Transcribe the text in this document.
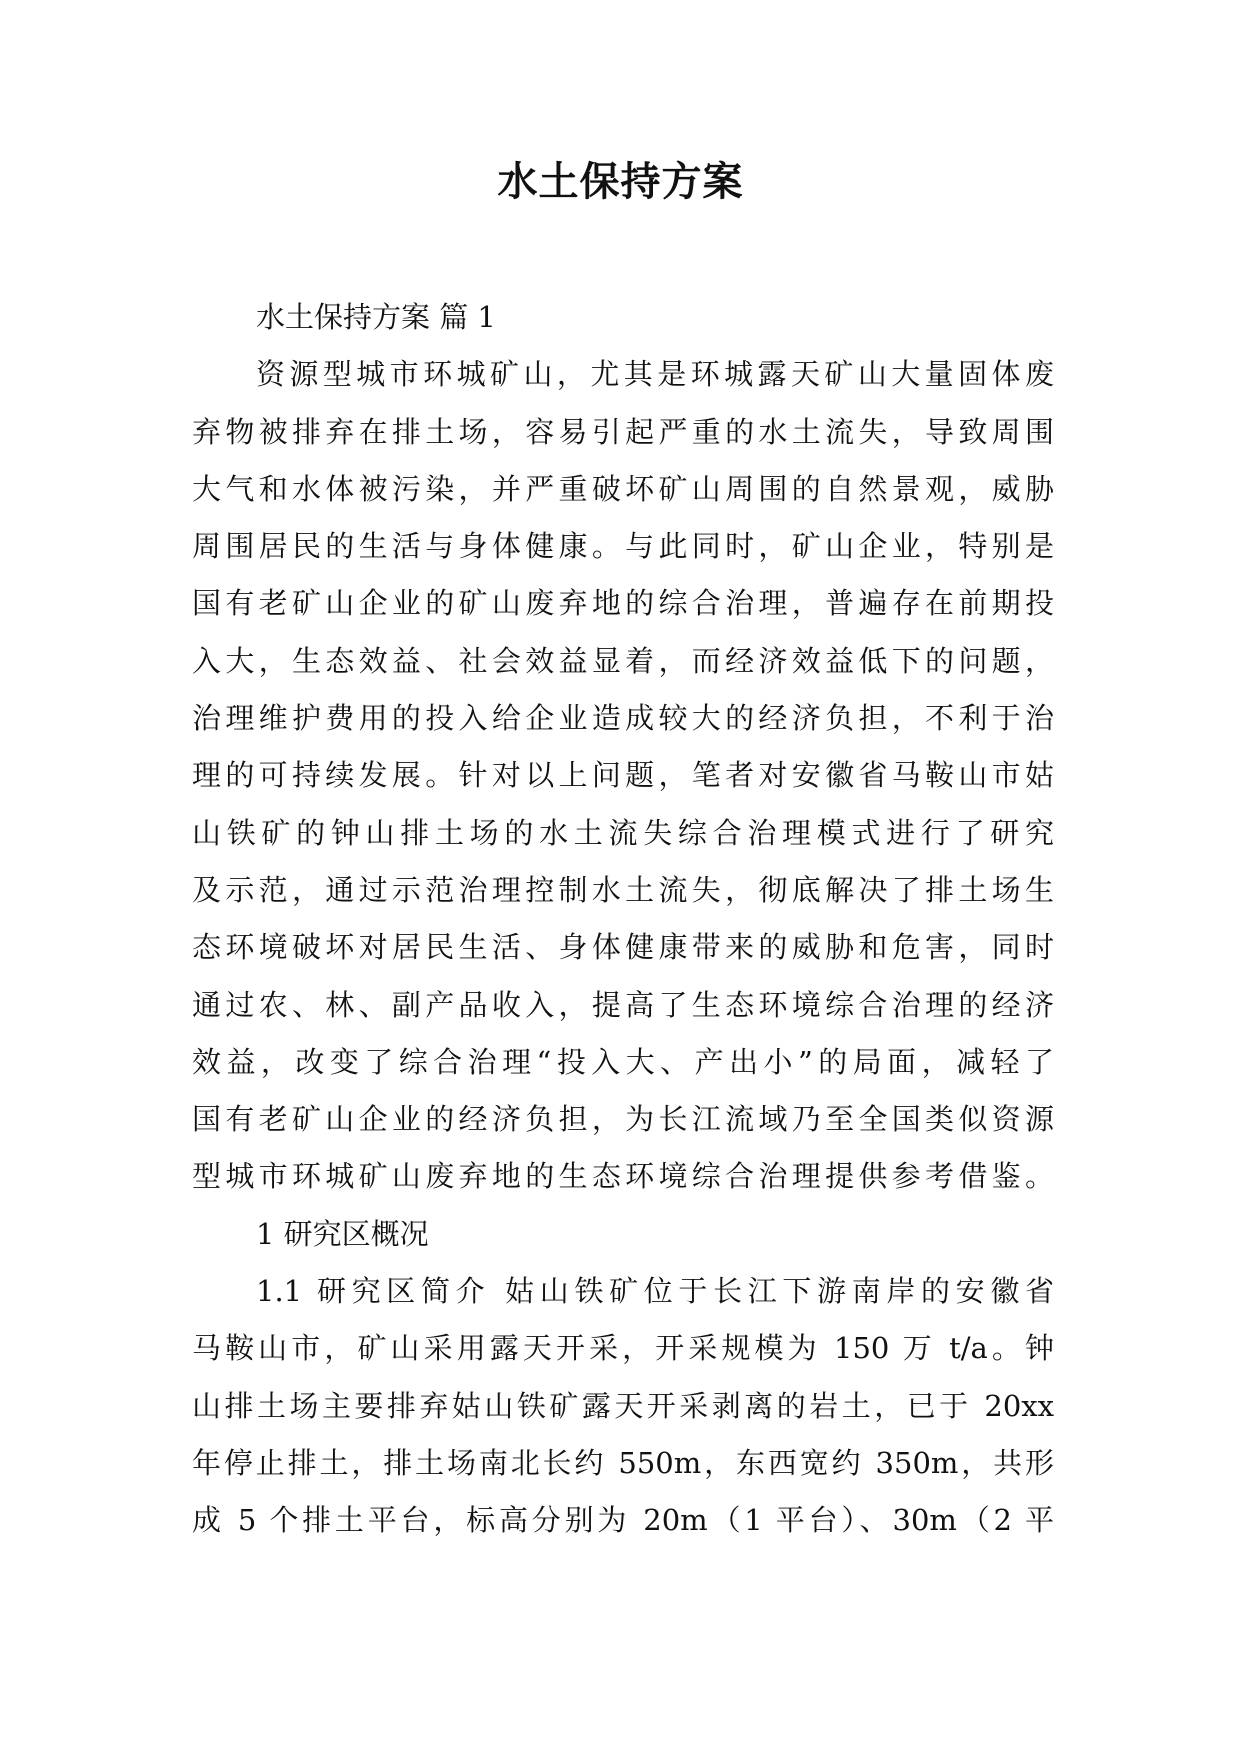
水土保持方案
水土保持方案 篇 1
资源型城市环城矿山，尤其是环城露天矿山大量固体废
弃物被排弃在排土场，容易引起严重的水土流失，导致周围
大气和水体被污染，并严重破坏矿山周围的自然景观，威胁
周围居民的生活与身体健康。与此同时，矿山企业，特别是
国有老矿山企业的矿山废弃地的综合治理，普遍存在前期投
入大，生态效益、社会效益显着，而经济效益低下的问题，
治理维护费用的投入给企业造成较大的经济负担，不利于治
理的可持续发展。针对以上问题，笔者对安徽省马鞍山市姑
山铁矿的钟山排土场的水土流失综合治理模式进行了研究
及示范，通过示范治理控制水土流失，彻底解决了排土场生
态环境破坏对居民生活、身体健康带来的威胁和危害，同时
通过农、林、副产品收入，提高了生态环境综合治理的经济
效益，改变了综合治理“投入大、产出小”的局面，减轻了
国有老矿山企业的经济负担，为长江流域乃至全国类似资源
型城市环城矿山废弃地的生态环境综合治理提供参考借鉴。
1 研究区概况
1.1 研究区简介 姑山铁矿位于长江下游南岸的安徽省
马鞍山市，矿山采用露天开采，开采规模为 150 万 t/a。钟
山排土场主要排弃姑山铁矿露天开采剥离的岩土，已于 20xx
年停止排土，排土场南北长约 550m，东西宽约 350m，共形
成 5 个排土平台，标高分别为 20m（1 平台）、30m（2 平
